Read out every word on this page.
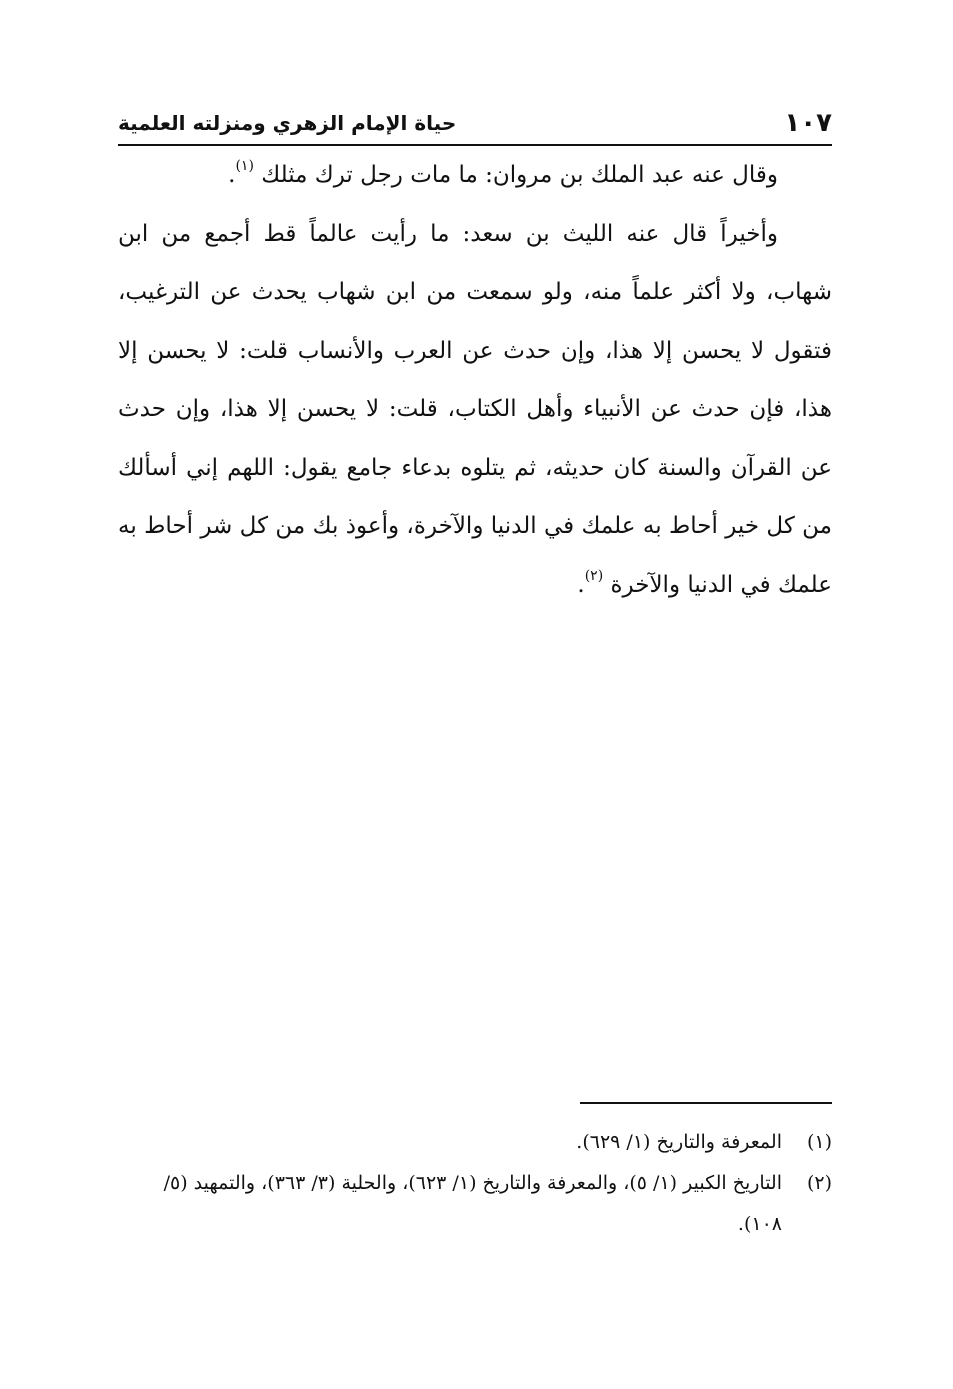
١٠٧
حياة الإمام الزهري ومنزلته العلمية

وقال عنه عبد الملك بن مروان: ما مات رجل ترك مثلك $^{(١)}$.

وأخيراً قال عنه الليث بن سعد: ما رأيت عالماً قط أجمع من ابن شهاب، ولا أكثر علماً منه، ولو سمعت من ابن شهاب يحدث عن الترغيب، فتقول لا يحسن إلا هذا، وإن حدث عن العرب والأنساب قلت: لا يحسن إلا هذا، فإن حدث عن الأنبياء وأهل الكتاب، قلت: لا يحسن إلا هذا، وإن حدث عن القرآن والسنة كان حديثه، ثم يتلوه بدعاء جامع يقول: اللهم إني أسألك من كل خير أحاط به علمك في الدنيا والآخرة، وأعوذ بك من كل شر أحاط به علمك في الدنيا والآخرة $^{(٢)}$.

(١)
المعرفة والتاريخ (١/ ٦٢٩).
(٢)
التاريخ الكبير (١/ ٥)، والمعرفة والتاريخ (١/ ٦٢٣)، والحلية (٣/ ٣٦٣)، والتمهيد (٥/ ١٠٨).
